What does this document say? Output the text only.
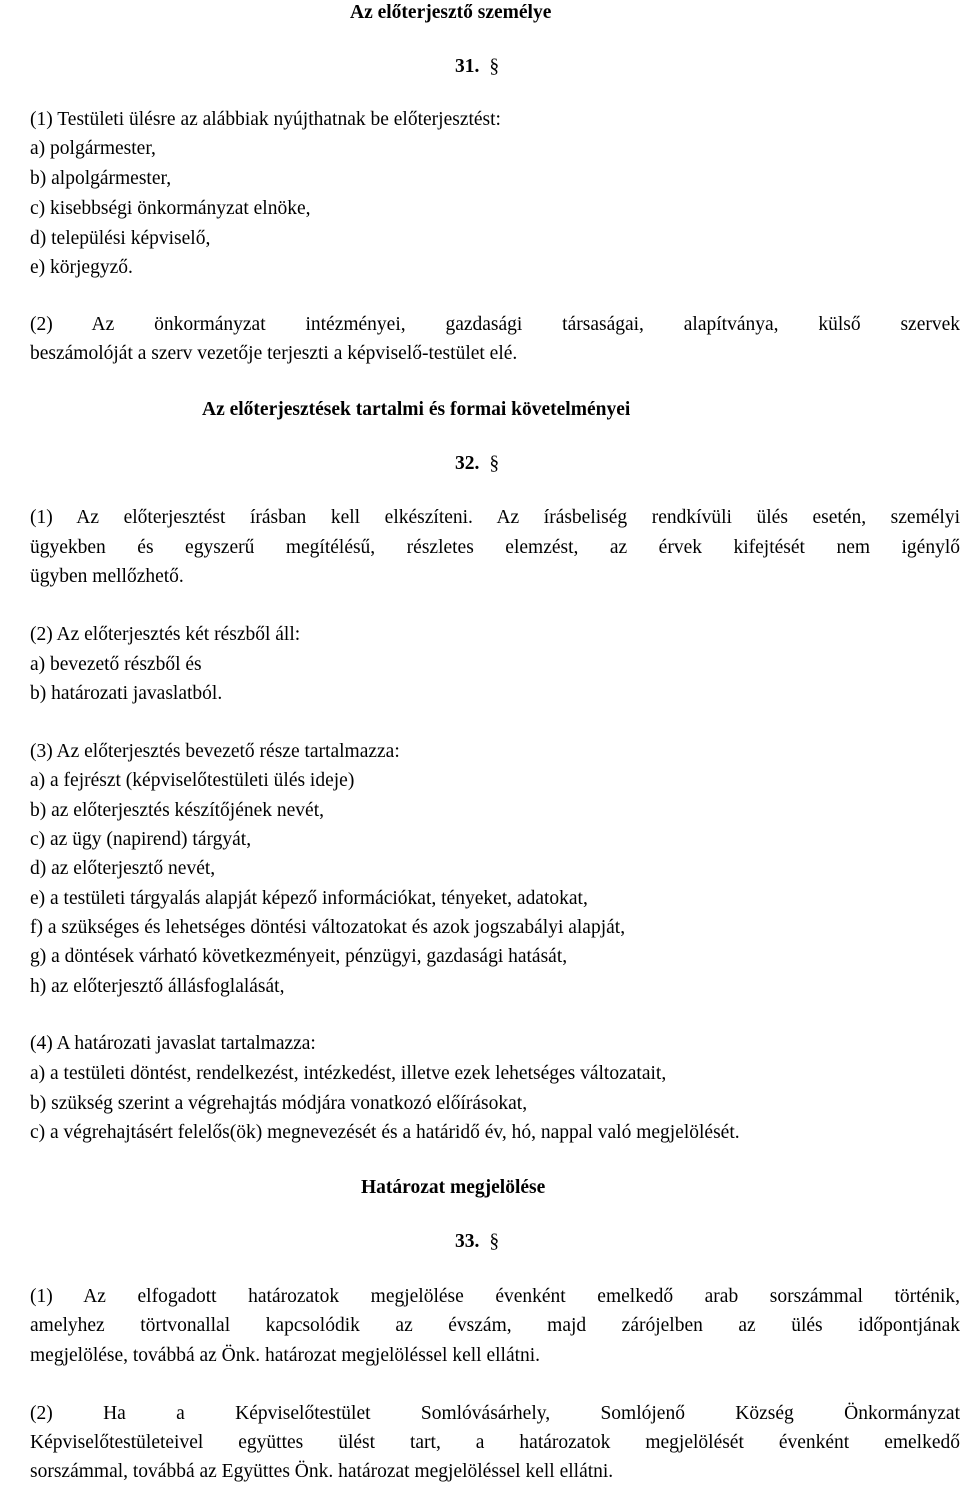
Az előterjesztő személye
31. §
(1) Testületi ülésre az alábbiak nyújthatnak be előterjesztést:
a) polgármester,
b) alpolgármester,
c) kisebbségi önkormányzat elnöke,
d) települési képviselő,
e) körjegyző.
(2) Az önkormányzat intézményei, gazdasági társaságai, alapítványa, külső szervek
beszámolóját a szerv vezetője terjeszti a képviselő-testület elé.
Az előterjesztések tartalmi és formai követelményei
32. §
(1) Az előterjesztést írásban kell elkészíteni. Az írásbeliség rendkívüli ülés esetén, személyi
ügyekben és egyszerű megítélésű, részletes elemzést, az érvek kifejtését nem igénylő
ügyben mellőzhető.
(2) Az előterjesztés két részből áll:
a) bevezető részből és
b) határozati javaslatból.
(3) Az előterjesztés bevezető része tartalmazza:
a) a fejrészt (képviselőtestületi ülés ideje)
b) az előterjesztés készítőjének nevét,
c) az ügy (napirend) tárgyát,
d) az előterjesztő nevét,
e) a testületi tárgyalás alapját képező információkat, tényeket, adatokat,
f) a szükséges és lehetséges döntési változatokat és azok jogszabályi alapját,
g) a döntések várható következményeit, pénzügyi, gazdasági hatását,
h) az előterjesztő állásfoglalását,
(4) A határozati javaslat tartalmazza:
a) a testületi döntést, rendelkezést, intézkedést, illetve ezek lehetséges változatait,
b) szükség szerint a végrehajtás módjára vonatkozó előírásokat,
c) a végrehajtásért felelős(ök) megnevezését és a határidő év, hó, nappal való megjelölését.
Határozat megjelölése
33. §
(1) Az elfogadott határozatok megjelölése évenként emelkedő arab sorszámmal történik,
amelyhez törtvonallal kapcsolódik az évszám, majd zárójelben az ülés időpontjának
megjelölése, továbbá az Önk. határozat megjelöléssel kell ellátni.
(2) Ha a Képviselőtestület Somlóvásárhely, Somlójenő Község Önkormányzat
Képviselőtestületeivel együttes ülést tart, a határozatok megjelölését évenként emelkedő
sorszámmal, továbbá az Együttes Önk. határozat megjelöléssel kell ellátni.
